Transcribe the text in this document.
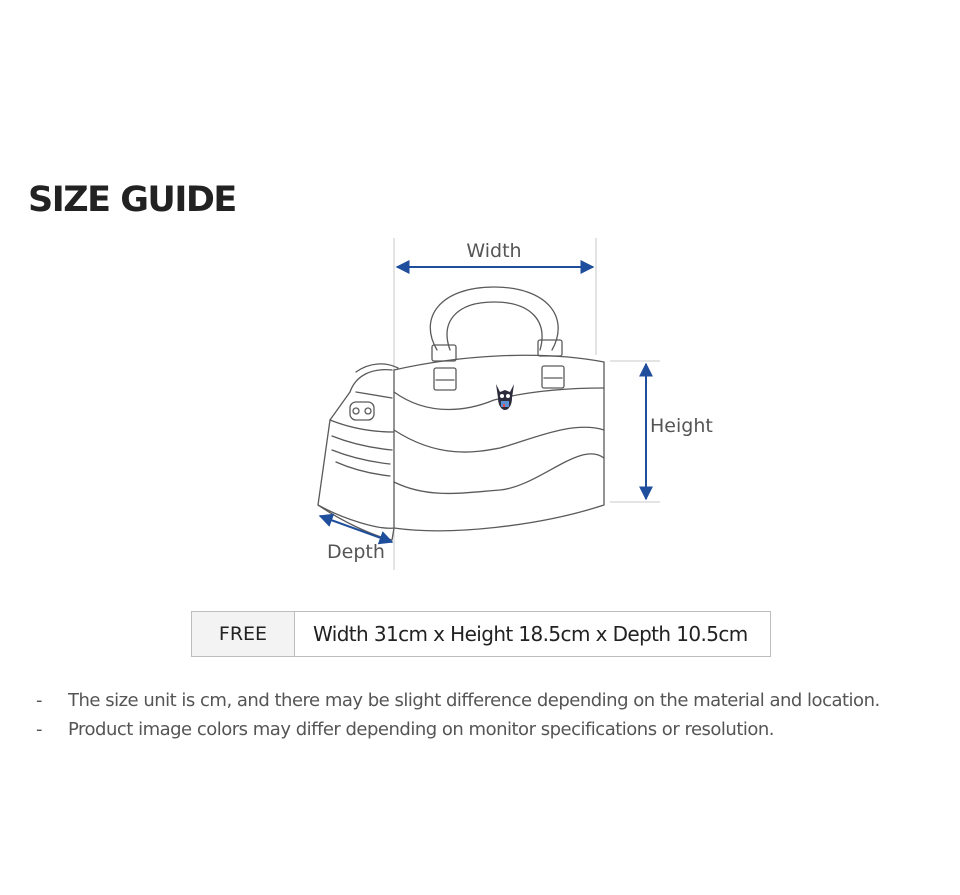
SIZE GUIDE
Width
Height
Depth
FREE	Width 31cm x Height 18.5cm x Depth 10.5cm
- The size unit is cm, and there may be slight difference depending on the material and location.
- Product image colors may differ depending on monitor specifications or resolution.
